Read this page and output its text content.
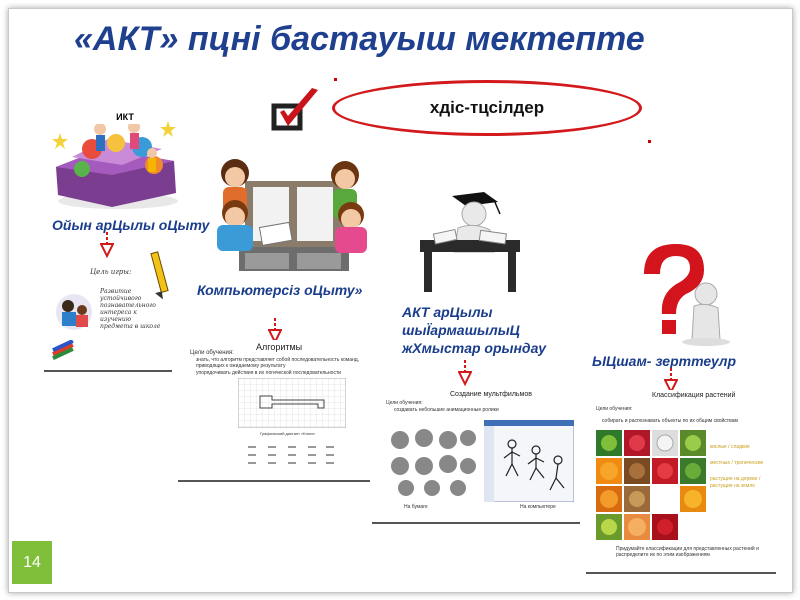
«АКТ» пцні бастауыш мектепте
хдіс-тцсілдер
ИКТ
Ойын арЦылы оЦыту
Компьютерсіз оЦыту»
АКТ арЦылы
шыЇармашылыЦ
жХмыстар орындау
ЫЦшам- зерттеулр
Цель игры:
Развитие устойчивого познавательного интереса к изучению предмета в школе
Алгоритмы
Цели обучения:
знать, что алгоритм представляет собой последовательность команд, приводящих к ожидаемому результату
упорядочивать действия в их логической последовательности
Графический диктант «Ключ»
Создание мультфильмов
Цели обучения:
создавать небольшие анимационные ролики
На бумаге	На компьютере
Классификация растений
Цели обучения:
собирать и распознавать объекты по их общим свойствам
кислые / сладкие
местные / тропические
растущие на дереве / растущие на земле
Придумайте классификации для представленных растений и распределите их по этим изображениям
14
